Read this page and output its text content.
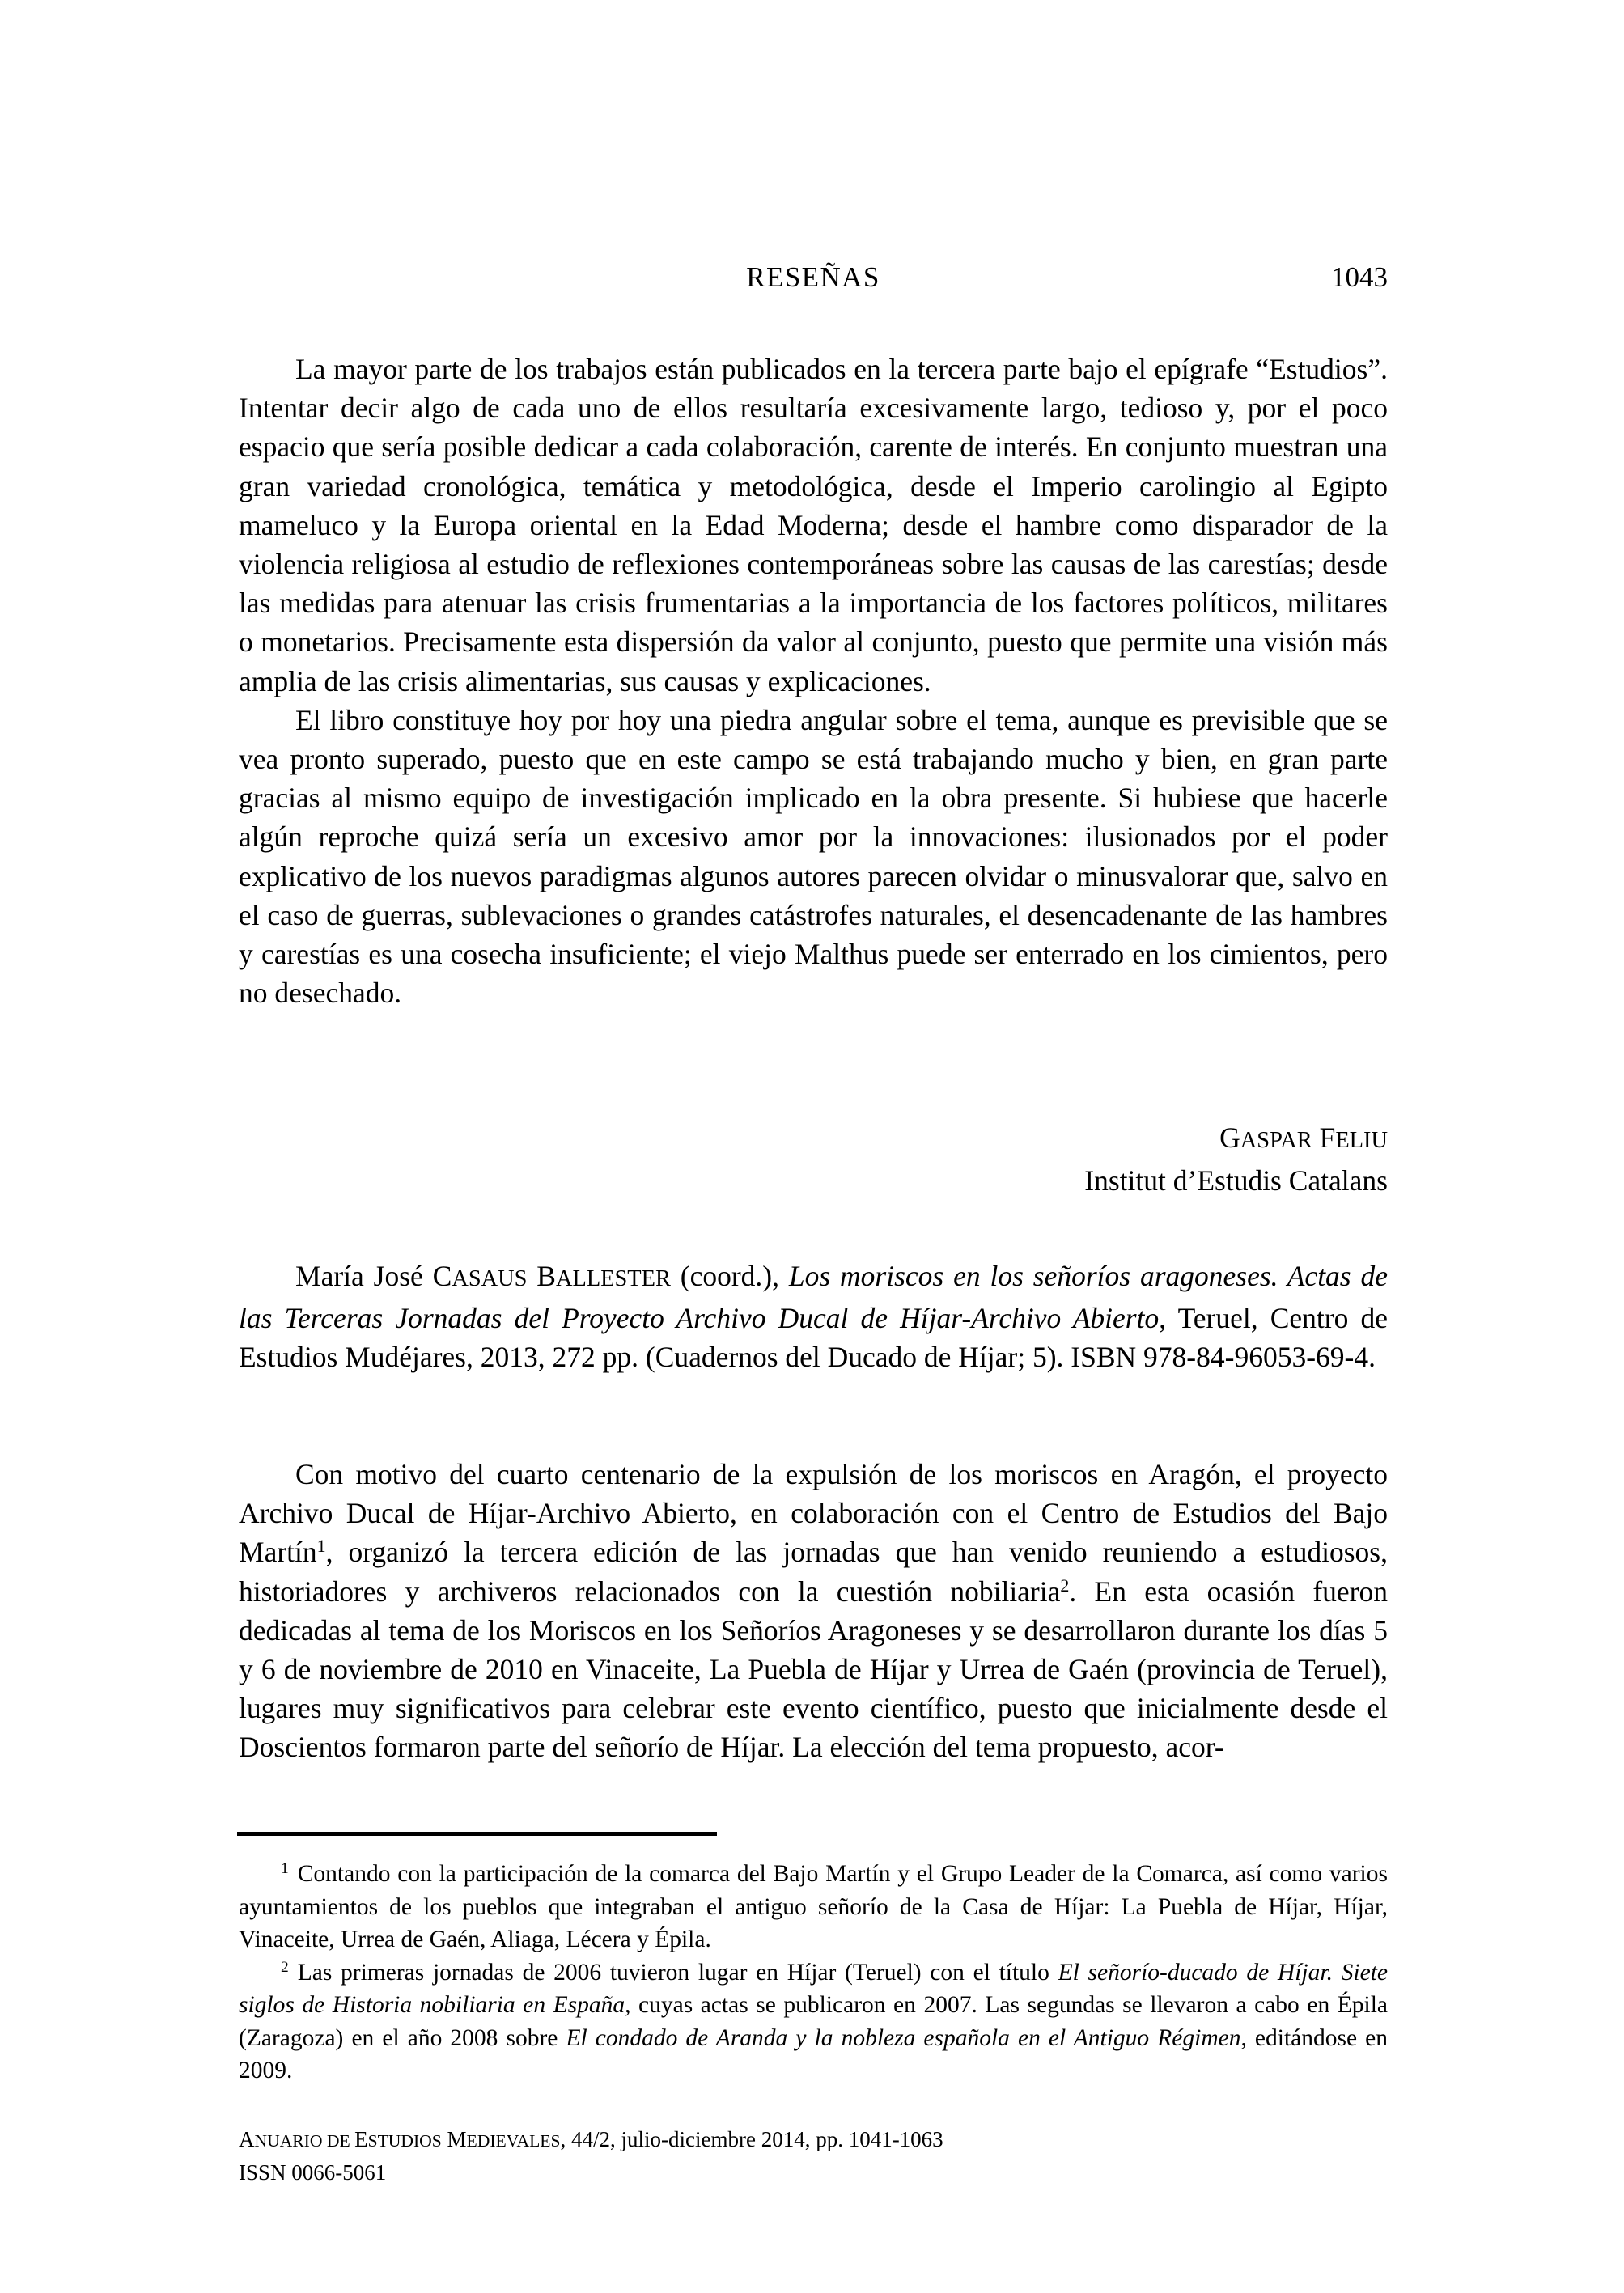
RESEÑAS	1043

La mayor parte de los trabajos están publicados en la tercera parte bajo el epígrafe “Estudios”. Intentar decir algo de cada uno de ellos resultaría excesivamente largo, tedioso y, por el poco espacio que sería posible dedicar a cada colaboración, carente de interés. En conjunto muestran una gran variedad cronológica, temática y metodológica, desde el Imperio carolingio al Egipto mameluco y la Europa oriental en la Edad Moderna; desde el hambre como disparador de la violencia religiosa al estudio de reflexiones contemporáneas sobre las causas de las carestías; desde las medidas para atenuar las crisis frumentarias a la importancia de los factores políticos, militares o monetarios. Precisamente esta dispersión da valor al conjunto, puesto que permite una visión más amplia de las crisis alimentarias, sus causas y explicaciones.

El libro constituye hoy por hoy una piedra angular sobre el tema, aunque es previsible que se vea pronto superado, puesto que en este campo se está trabajando mucho y bien, en gran parte gracias al mismo equipo de investigación implicado en la obra presente. Si hubiese que hacerle algún reproche quizá sería un excesivo amor por la innovaciones: ilusionados por el poder explicativo de los nuevos paradigmas algunos autores parecen olvidar o minusvalorar que, salvo en el caso de guerras, sublevaciones o grandes catástrofes naturales, el desencadenante de las hambres y carestías es una cosecha insuficiente; el viejo Malthus puede ser enterrado en los cimientos, pero no desechado.

GASPAR FELIU
Institut d’Estudis Catalans

María José CASAUS BALLESTER (coord.), Los moriscos en los señoríos aragoneses. Actas de las Terceras Jornadas del Proyecto Archivo Ducal de Híjar-Archivo Abierto, Teruel, Centro de Estudios Mudéjares, 2013, 272 pp. (Cuadernos del Ducado de Híjar; 5). ISBN 978-84-96053-69-4.

Con motivo del cuarto centenario de la expulsión de los moriscos en Aragón, el proyecto Archivo Ducal de Híjar-Archivo Abierto, en colaboración con el Centro de Estudios del Bajo Martín$^1$, organizó la tercera edición de las jornadas que han venido reuniendo a estudiosos, historiadores y archiveros relacionados con la cuestión nobiliaria$^2$. En esta ocasión fueron dedicadas al tema de los Moriscos en los Señoríos Aragoneses y se desarrollaron durante los días 5 y 6 de noviembre de 2010 en Vinaceite, La Puebla de Híjar y Urrea de Gaén (provincia de Teruel), lugares muy significativos para celebrar este evento científico, puesto que inicialmente desde el Doscientos formaron parte del señorío de Híjar. La elección del tema propuesto, acor-

$^1$ Contando con la participación de la comarca del Bajo Martín y el Grupo Leader de la Comarca, así como varios ayuntamientos de los pueblos que integraban el antiguo señorío de la Casa de Híjar: La Puebla de Híjar, Híjar, Vinaceite, Urrea de Gaén, Aliaga, Lécera y Épila.

$^2$ Las primeras jornadas de 2006 tuvieron lugar en Híjar (Teruel) con el título El señorío-ducado de Híjar. Siete siglos de Historia nobiliaria en España, cuyas actas se publicaron en 2007. Las segundas se llevaron a cabo en Épila (Zaragoza) en el año 2008 sobre El condado de Aranda y la nobleza española en el Antiguo Régimen, editándose en 2009.

ANUARIO DE ESTUDIOS MEDIEVALES, 44/2, julio-diciembre 2014, pp. 1041-1063
ISSN 0066-5061
